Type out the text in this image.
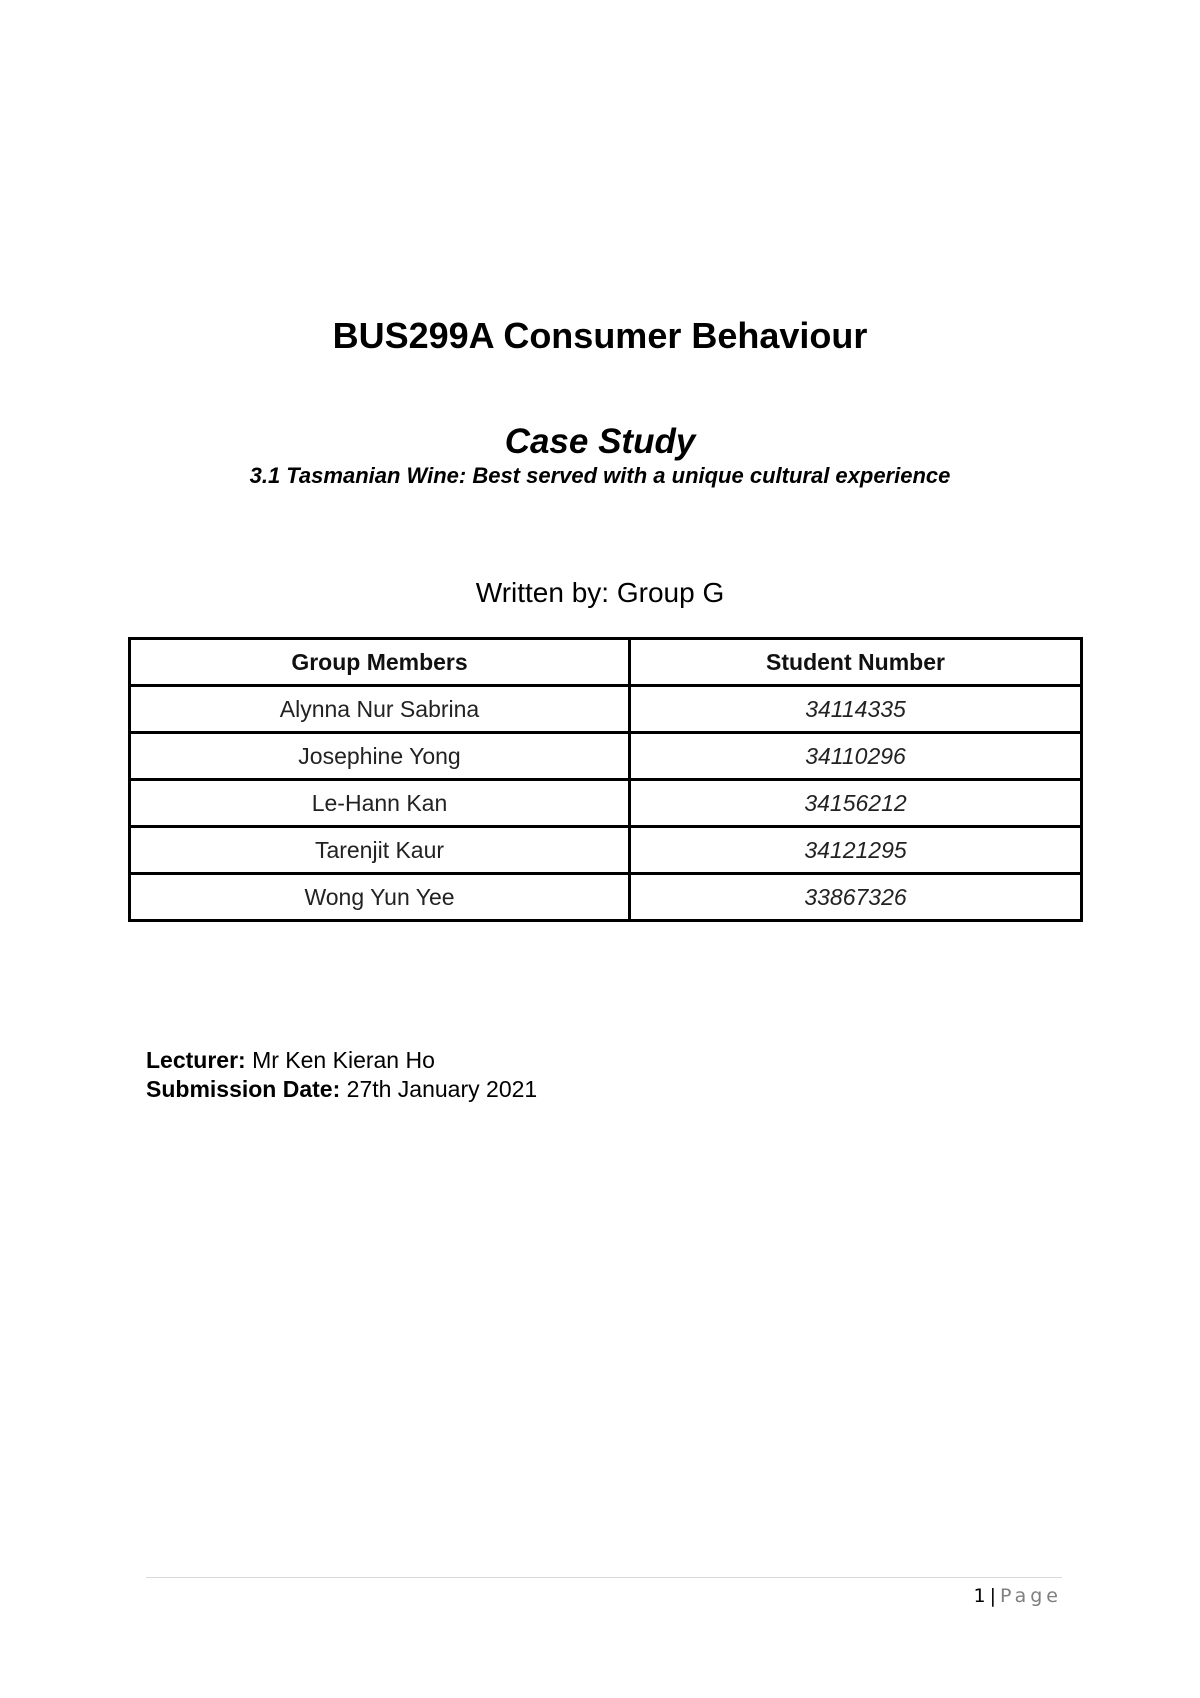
BUS299A Consumer Behaviour
Case Study
3.1 Tasmanian Wine: Best served with a unique cultural experience
Written by: Group G
Group Members	Student Number
Alynna Nur Sabrina	34114335
Josephine Yong	34110296
Le-Hann Kan	34156212
Tarenjit Kaur	34121295
Wong Yun Yee	33867326
Lecturer: Mr Ken Kieran Ho
Submission Date: 27th January 2021
1 | Page
